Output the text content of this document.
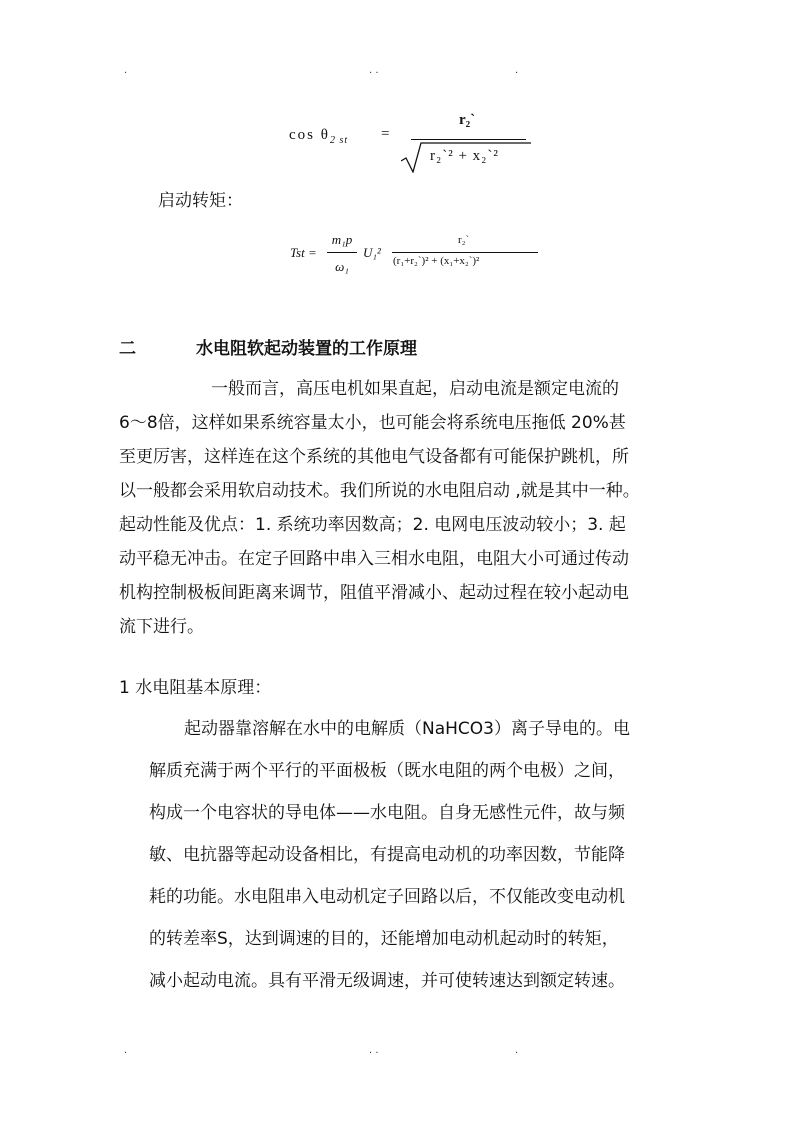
.	. .	.
$\cos \theta_{2 st}$ =
r₂`
r₂`² + x₂`²
启动转矩：
Tst =
m₁p
ω₁
U₁²
r₂`
(r₁+r₂`)² + (x₁+x₂`)²
二	水电阻软起动装置的工作原理
一般而言，高压电机如果直起，启动电流是额定电流的
6～8倍，这样如果系统容量太小，也可能会将系统电压拖低 20%甚
至更厉害，这样连在这个系统的其他电气设备都有可能保护跳机，所
以一般都会采用软启动技术。我们所说的水电阻启动 ,就是其中一种。
起动性能及优点：1. 系统功率因数高；2. 电网电压波动较小；3. 起
动平稳无冲击。在定子回路中串入三相水电阻，电阻大小可通过传动
机构控制极板间距离来调节，阻值平滑减小、起动过程在较小起动电
流下进行。
1 水电阻基本原理：
起动器靠溶解在水中的电解质（NaHCO3）离子导电的。电
解质充满于两个平行的平面极板（既水电阻的两个电极）之间，
构成一个电容状的导电体——水电阻。自身无感性元件，故与频
敏、电抗器等起动设备相比，有提高电动机的功率因数，节能降
耗的功能。水电阻串入电动机定子回路以后，不仅能改变电动机
的转差率S，达到调速的目的，还能增加电动机起动时的转矩，
减小起动电流。具有平滑无级调速，并可使转速达到额定转速。
.	. .	.
